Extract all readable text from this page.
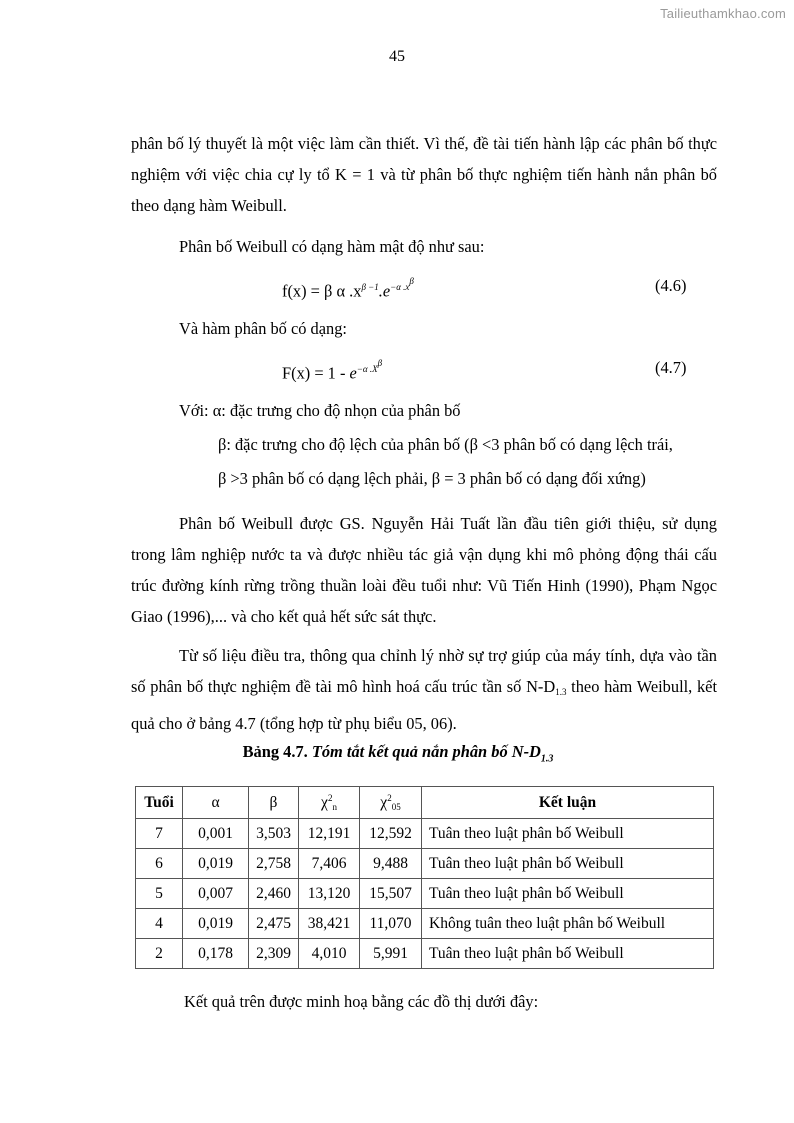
Tailieuthamkhao.com
45

phân bố lý thuyết là một việc làm cần thiết. Vì thế, đề tài tiến hành lập các phân bố thực nghiệm với việc chia cự ly tổ K = 1 và từ phân bố thực nghiệm tiến hành nắn phân bố theo dạng hàm Weibull.

Phân bố Weibull có dạng hàm mật độ như sau:

f(x) = β α $.x^{\beta -1}.e^{-\alpha .x\beta}$	(4.6)

Và hàm phân bố có dạng:

$F(x) = 1 - e^{-\alpha .X\beta}$	(4.7)
Với: α: đặc trưng cho độ nhọn của phân bố
β: đặc trưng cho độ lệch của phân bố (β <3 phân bố có dạng lệch trái,
β >3 phân bố có dạng lệch phải, β = 3 phân bố có dạng đối xứng)

Phân bố Weibull được GS. Nguyễn Hải Tuất lần đầu tiên giới thiệu, sử dụng trong lâm nghiệp nước ta và được nhiều tác giả vận dụng khi mô phỏng động thái cấu trúc đường kính rừng trồng thuần loài đều tuổi như: Vũ Tiến Hinh (1990), Phạm Ngọc Giao (1996),... và cho kết quả hết sức sát thực.

Từ số liệu điều tra, thông qua chỉnh lý nhờ sự trợ giúp của máy tính, dựa vào tần số phân bố thực nghiệm đề tài mô hình hoá cấu trúc tần số N-D1.3 theo hàm Weibull, kết quả cho ở bảng 4.7 (tổng hợp từ phụ biểu 05, 06).

Bảng 4.7. Tóm tắt kết quả nắn phân bố $N-D_{1.3}$
Tuổi	α	β	$\chi^2n$	$\chi^205$	Kết luận
7	0,001	3,503	12,191	12,592	Tuân theo luật phân bố Weibull
6	0,019	2,758	7,406	9,488	Tuân theo luật phân bố Weibull
5	0,007	2,460	13,120	15,507	Tuân theo luật phân bố Weibull
4	0,019	2,475	38,421	11,070	Không tuân theo luật phân bố Weibull
2	0,178	2,309	4,010	5,991	Tuân theo luật phân bố Weibull

Kết quả trên được minh hoạ bằng các đồ thị dưới đây:
